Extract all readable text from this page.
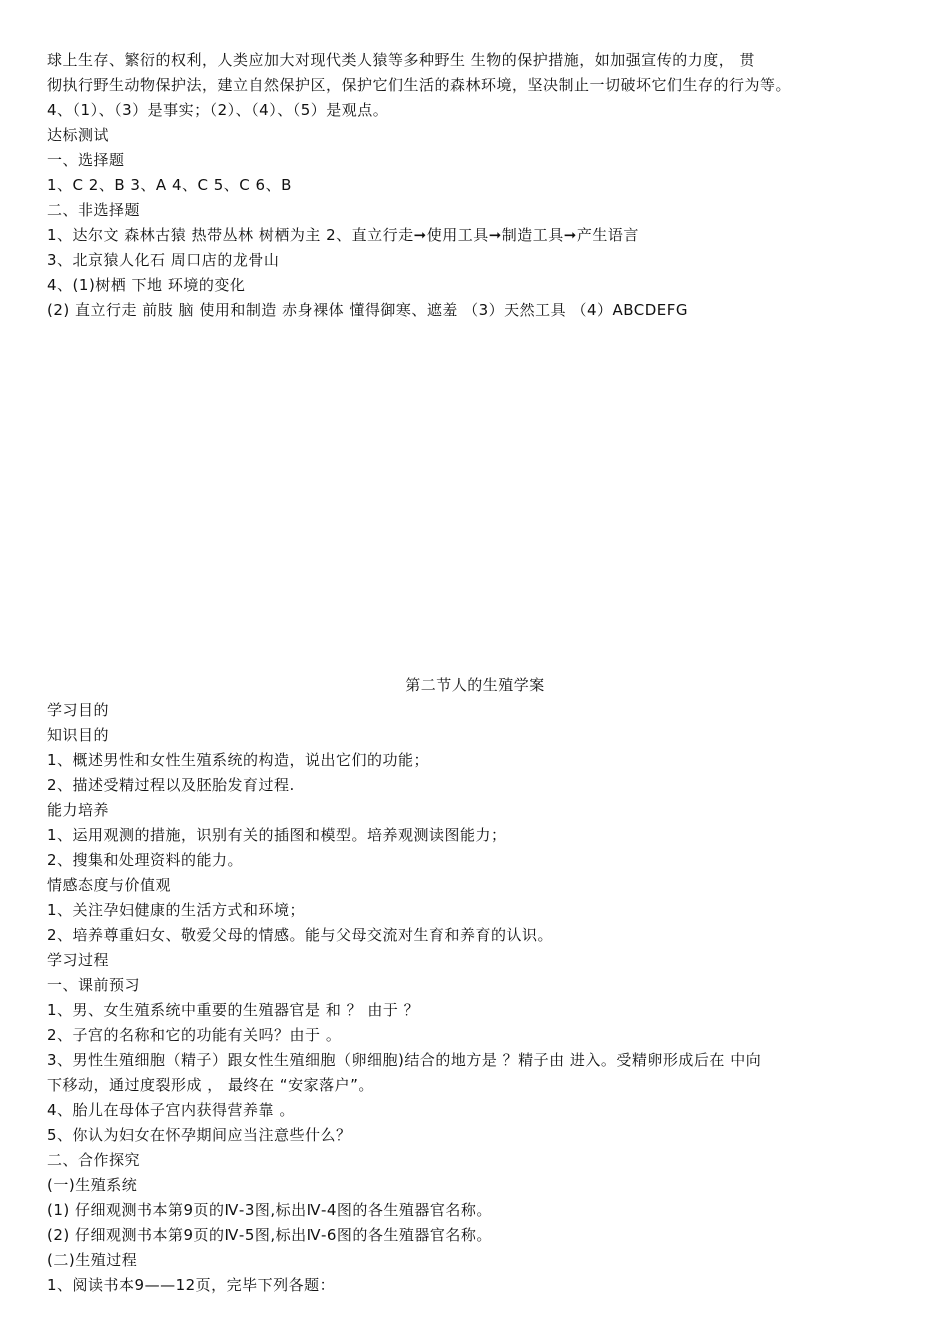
球上生存、繁衍的权利，人类应加大对现代类人猿等多种野生 生物的保护措施，如加强宣传的力度， 贯
彻执行野生动物保护法，建立自然保护区，保护它们生活的森林环境，坚决制止一切破坏它们生存的行为等。
4、（1）、（3）是事实；（2）、（4）、（5）是观点。
达标测试
一、选择题
1、C 2、B 3、A 4、C 5、C 6、B
二、非选择题
1、达尔文 森林古猿 热带丛林 树栖为主 2、直立行走➞使用工具➞制造工具➞产生语言
3、北京猿人化石 周口店的龙骨山
4、(1)树栖 下地 环境的变化
(2) 直立行走 前肢 脑 使用和制造 赤身裸体 懂得御寒、遮羞 （3）天然工具 （4）ABCDEFG
第二节人的生殖学案
学习目的
知识目的
1、概述男性和女性生殖系统的构造，说出它们的功能；
2、描述受精过程以及胚胎发育过程.
能力培养
1、运用观测的措施，识别有关的插图和模型。培养观测读图能力；
2、搜集和处理资料的能力。
情感态度与价值观
1、关注孕妇健康的生活方式和环境；
2、培养尊重妇女、敬爱父母的情感。能与父母交流对生育和养育的认识。
学习过程
一、课前预习
1、男、女生殖系统中重要的生殖器官是 和 ？ 由于 ？
2、子宫的名称和它的功能有关吗？由于 。
3、男性生殖细胞（精子）跟女性生殖细胞（卵细胞)结合的地方是 ？精子由 进入。受精卵形成后在 中向
下移动，通过度裂形成 ， 最终在 “安家落户”。
4、胎儿在母体子宫内获得营养靠 。
5、你认为妇女在怀孕期间应当注意些什么？
二、合作探究
(一)生殖系统
(1) 仔细观测书本第9页的Ⅳ-3图,标出Ⅳ-4图的各生殖器官名称。
(2) 仔细观测书本第9页的Ⅳ-5图,标出Ⅳ-6图的各生殖器官名称。
(二)生殖过程
1、阅读书本9——12页，完毕下列各题：
